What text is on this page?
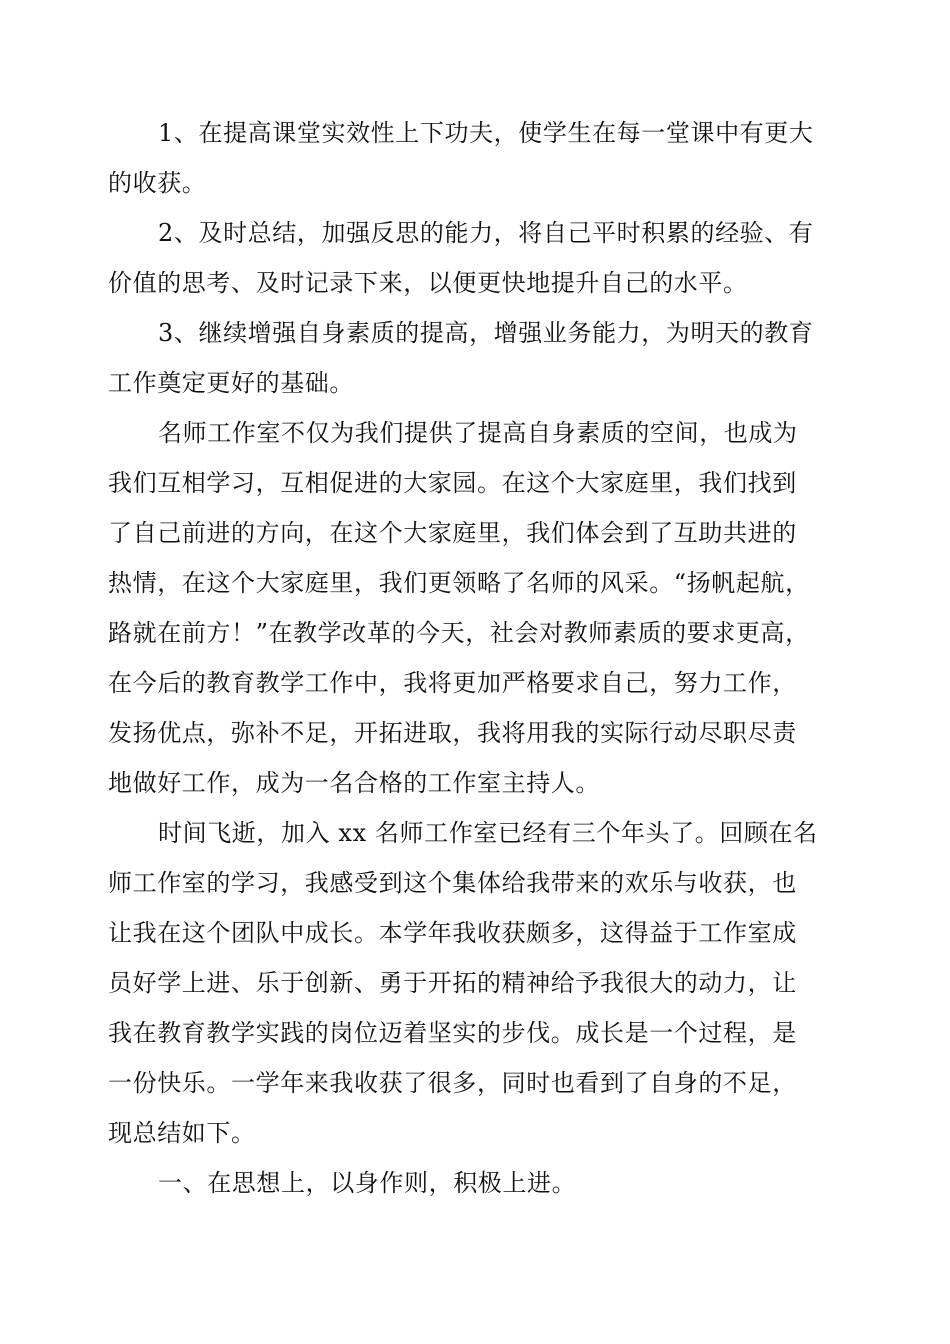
1、在提高课堂实效性上下功夫，使学生在每一堂课中有更大
的收获。
2、及时总结，加强反思的能力，将自己平时积累的经验、有
价值的思考、及时记录下来，以便更快地提升自己的水平。
3、继续增强自身素质的提高，增强业务能力，为明天的教育
工作奠定更好的基础。
名师工作室不仅为我们提供了提高自身素质的空间，也成为
我们互相学习，互相促进的大家园。在这个大家庭里，我们找到
了自己前进的方向，在这个大家庭里，我们体会到了互助共进的
热情，在这个大家庭里，我们更领略了名师的风采。“扬帆起航，
路就在前方！”在教学改革的今天，社会对教师素质的要求更高，
在今后的教育教学工作中，我将更加严格要求自己，努力工作，
发扬优点，弥补不足，开拓进取，我将用我的实际行动尽职尽责
地做好工作，成为一名合格的工作室主持人。
时间飞逝，加入 xx 名师工作室已经有三个年头了。回顾在名
师工作室的学习，我感受到这个集体给我带来的欢乐与收获，也
让我在这个团队中成长。本学年我收获颇多，这得益于工作室成
员好学上进、乐于创新、勇于开拓的精神给予我很大的动力，让
我在教育教学实践的岗位迈着坚实的步伐。成长是一个过程，是
一份快乐。一学年来我收获了很多，同时也看到了自身的不足，
现总结如下。
一、在思想上，以身作则，积极上进。
